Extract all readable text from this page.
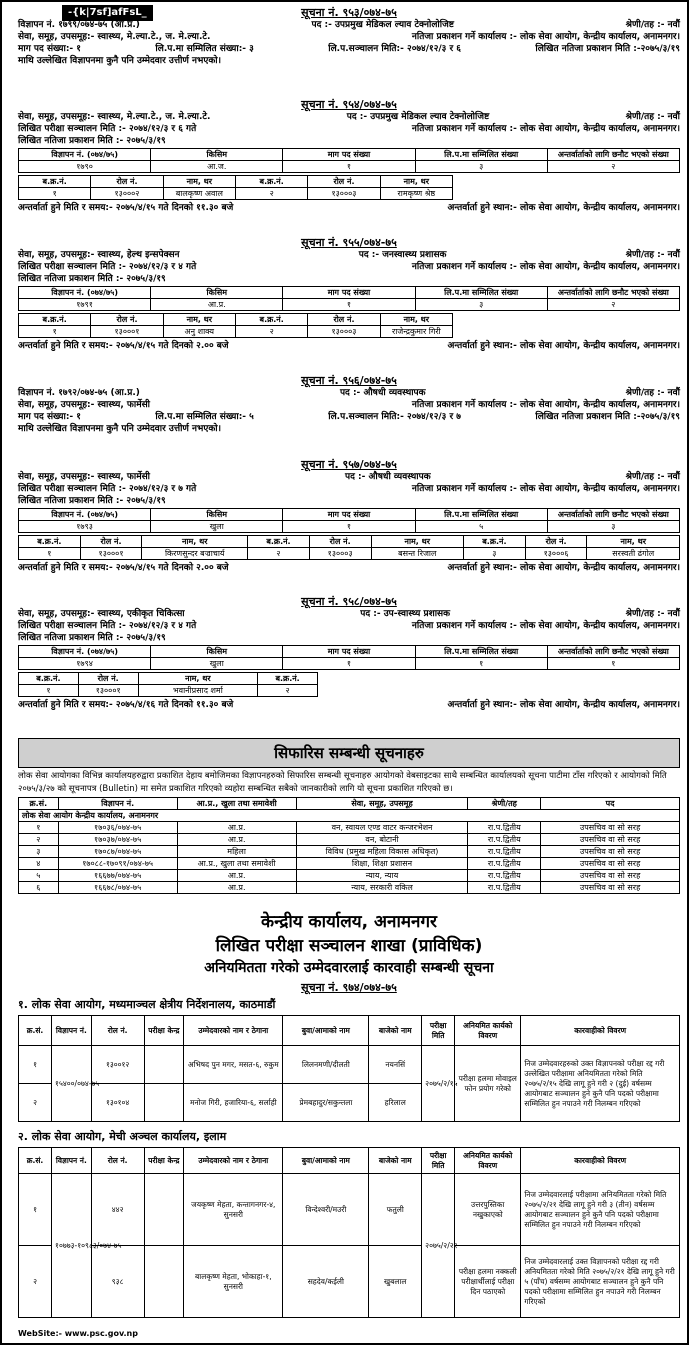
-{k|7sf]afFsL_	सूचना नं. ९५३/०७४-७५
विज्ञापन नं. १७९९/०७४-७५ (आ.प्र.)	पद :- उपप्रमुख मेडिकल ल्याव टेक्नोलोजिष्ट	श्रेणी/तह :- नवौं
सेवा, समूह, उपसमूह:- स्वास्थ्य, मे.ल्या.टे., ज. मे.ल्या.टे.	नतिजा प्रकाशन गर्ने कार्यालय :- लोक सेवा आयोग, केन्द्रीय कार्यालय, अनामनगर।
माग पद संख्या:- १	लि.प.मा सम्मिलित संख्या:- ३	लि.प.सञ्चालन मिति:- २०७४/१२/३ र ६	लिखित नतिजा प्रकाशन मिति :-२०७५/३/१९
माथि उल्लेखित विज्ञापनमा कुनै पनि उम्मेदवार उत्तीर्ण नभएको।
सूचना नं. ९५४/०७४-७५
सेवा, समूह, उपसमूह:- स्वास्थ्य, मे.ल्या.टे., ज. मे.ल्या.टे.	पद :- उपप्रमुख मेडिकल ल्याव टेक्नोलोजिष्ट	श्रेणी/तह :- नवौं
लिखित परीक्षा सञ्चालन मिति :- २०७४/१२/३ र ६ गते	नतिजा प्रकाशन गर्ने कार्यालय :- लोक सेवा आयोग, केन्द्रीय कार्यालय, अनामनगर।
लिखित नतिजा प्रकाशन मिति :- २०७५/३/१९
विज्ञापन नं. (०७४/७५)	किसिम	माग पद संख्या	लि.प.मा सम्मिलित संख्या	अन्तर्वार्ताको लागि छनौट भएको संख्या
१७९०	आ.ज.	१	३	२
ब.क्र.नं.	रोल नं.	नाम, थर	ब.क्र.नं.	रोल नं.	नाम, थर
१	१३०००२	बालकृष्ण अवाल	२	१३०००३	रामकृष्ण श्रेष्ठ
अन्तर्वार्ता हुने मिति र समय:- २०७५/४/१५ गते दिनको ११.३० बजे	अन्तर्वार्ता हुने स्थान:- लोक सेवा आयोग, केन्द्रीय कार्यालय, अनामनगर।
सूचना नं. ९५५/०७४-७५
सेवा, समूह, उपसमूह:- स्वास्थ्य, हेल्थ इन्सपेक्सन	पद :- जनस्वास्थ्य प्रशासक	श्रेणी/तह :- नवौं
लिखित परीक्षा सञ्चालन मिति :- २०७४/१२/३ र ४ गते	नतिजा प्रकाशन गर्ने कार्यालय :- लोक सेवा आयोग, केन्द्रीय कार्यालय, अनामनगर।
लिखित नतिजा प्रकाशन मिति :- २०७५/३/१९
विज्ञापन नं. (०७४/७५)	किसिम	माग पद संख्या	लि.प.मा सम्मिलित संख्या	अन्तर्वार्ताको लागि छनौट भएको संख्या
१७९१	आ.प्र.	१	३	२
ब.क्र.नं.	रोल नं.	नाम, थर	ब.क्र.नं.	रोल नं.	नाम, थर
१	१३०००१	अनु शाक्य	२	१३०००३	राजेन्द्रकुमार गिरी
अन्तर्वार्ता हुने मिति र समय:- २०७५/४/१५ गते दिनको २.०० बजे	अन्तर्वार्ता हुने स्थान:- लोक सेवा आयोग, केन्द्रीय कार्यालय, अनामनगर।
सूचना नं. ९५६/०७४-७५
विज्ञापन नं. १७९२/०७४-७५ (आ.प्र.)	पद :- औषधी व्यवस्थापक	श्रेणी/तह :- नवौं
सेवा, समूह, उपसमूह:- स्वास्थ्य, फार्मेसी	नतिजा प्रकाशन गर्ने कार्यालय :- लोक सेवा आयोग, केन्द्रीय कार्यालय, अनामनगर।
माग पद संख्या:- १	लि.प.मा सम्मिलित संख्या:- ५	लि.प.सञ्चालन मिति:- २०७४/१२/३ र ७	लिखित नतिजा प्रकाशन मिति :-२०७५/३/१९
माथि उल्लेखित विज्ञापनमा कुनै पनि उम्मेदवार उत्तीर्ण नभएको।
सूचना नं. ९५७/०७४-७५
सेवा, समूह, उपसमूह:- स्वास्थ्य, फार्मेसी	पद :- औषधी व्यवस्थापक	श्रेणी/तह :- नवौं
लिखित परीक्षा सञ्चालन मिति :- २०७४/१२/३ र ७ गते	नतिजा प्रकाशन गर्ने कार्यालय :- लोक सेवा आयोग, केन्द्रीय कार्यालय, अनामनगर।
लिखित नतिजा प्रकाशन मिति :- २०७५/३/१९
विज्ञापन नं. (०७४/७५)	किसिम	माग पद संख्या	लि.प.मा सम्मिलित संख्या	अन्तर्वार्ताको लागि छनौट भएको संख्या
१७९३	खुला	१	५	३
ब.क्र.नं.	रोल नं.	नाम, थर	ब.क्र.नं.	रोल नं.	नाम, थर	ब.क्र.नं.	रोल नं.	नाम, थर
१	१३०००१	किरणसुन्दर बज्राचार्य	२	१३०००३	बसन्त रिजाल	३	१३०००६	सरस्वती ढंगोल
अन्तर्वार्ता हुने मिति र समय:- २०७५/४/१५ गते दिनको २.०० बजे	अन्तर्वार्ता हुने स्थान:- लोक सेवा आयोग, केन्द्रीय कार्यालय, अनामनगर।
सूचना नं. ९५८/०७४-७५
सेवा, समूह, उपसमूह:- स्वास्थ्य, एकीकृत चिकित्सा	पद :- उप-स्वास्थ्य प्रशासक	श्रेणी/तह :- नवौं
लिखित परीक्षा सञ्चालन मिति :- २०७४/१२/३ र ४ गते	नतिजा प्रकाशन गर्ने कार्यालय :- लोक सेवा आयोग, केन्द्रीय कार्यालय, अनामनगर।
लिखित नतिजा प्रकाशन मिति :- २०७५/३/१९
विज्ञापन नं. (०७४/७५)	किसिम	माग पद संख्या	लि.प.मा सम्मिलित संख्या	अन्तर्वार्ताको लागि छनौट भएको संख्या
१७९४	खुला	१	१	१
ब.क्र.नं.	रोल नं.	नाम, थर	ब.क्र.नं.
१	१३०००१	भवानीप्रसाद शर्मा	२
अन्तर्वार्ता हुने मिति र समय:- २०७५/४/१६ गते दिनको ११.३० बजे	अन्तर्वार्ता हुने स्थान:- लोक सेवा आयोग, केन्द्रीय कार्यालय, अनामनगर।
सिफारिस सम्बन्धी सूचनाहरु
लोक सेवा आयोगका विभिन्न कार्यालयहरुद्वारा प्रकाशित देहाय बमोजिमका विज्ञापनहरुको सिफारिस सम्बन्धी सूचनाहरु आयोगको वेबसाइटका साथै सम्बन्धित कार्यालयको सूचना पाटीमा टाँस गरिएको र आयोगको मिति २०७५/३/२७ को सूचनापत्र (Bulletin) मा समेत प्रकाशित गरिएको व्यहोरा सम्बन्धित सबैको जानकारीको लागि यो सूचना प्रकाशित गरिएको छ।
क्र.सं.	विज्ञापन नं.	आ.प्र., खुला तथा समावेशी	सेवा, समूह, उपसमूह	श्रेणी/तह	पद
लोक सेवा आयोग केन्द्रीय कार्यालय, अनामनगर					
१	१७०३६/०७४-७५	आ.प्र.	वन, स्वायल एण्ड वाटर कन्जरभेशन	रा.प.द्वितीय	उपसचिव वा सो सरह
२	१७०३७/०७४-७५	आ.प्र.	वन, बोटानी	रा.प.द्वितीय	उपसचिव वा सो सरह
३	१७०८७/०७४-७५	महिला	विविध (प्रमुख महिला विकास अधिकृत)	रा.प.द्वितीय	उपसचिव वा सो सरह
४	१७०८८-१७०९१/०७४-७५	आ.प्र., खुला तथा समावेशी	शिक्षा, शिक्षा प्रशासन	रा.प.द्वितीय	उपसचिव वा सो सरह
५	१६६७७/०७४-७५	आ.प्र.	न्याय, न्याय	रा.प.द्वितीय	उपसचिव वा सो सरह
६	१६६७८/०७४-७५	आ.प्र.	न्याय, सरकारी वकिल	रा.प.द्वितीय	उपसचिव वा सो सरह
केन्द्रीय कार्यालय, अनामनगर
लिखित परीक्षा सञ्चालन शाखा (प्राविधिक)
अनियमितता गरेको उम्मेदवारलाई कारवाही सम्बन्धी सूचना
सूचना नं. ९७४/०७४-७५
१. लोक सेवा आयोग, मध्यमाञ्चल क्षेत्रीय निर्देशनालय, काठमाडौं
क्र.सं.	विज्ञापन नं.	रोल नं.	परीक्षा केन्द्र	उम्मेदवारको नाम र ठेगाना	बुवा/आमाको नाम	बाजेको नाम	परीक्षा मिति	अनियमित कार्यको विवरण	कारवाहीको विवरण
१	१५४००/०७४-७५	१३००१२		अभिषद पुन मगर, मसत-६, रुकुम	लिलनमणी/दीलती	नयनसिं	२०७५/२/१५	परीक्षा हलमा मोवाइल फोन प्रयोग गरेको	निज उम्मेदवारहरुको उक्त विज्ञापनको परीक्षा रद्द गरी उल्लेखित परीक्षामा अनियमितता गरेको मिति २०७५/२/१५ देखि लागू हुने गरी २ (दुई) वर्षसम्म आयोगबाट सञ्चालन हुने कुनै पनि पदको परीक्षामा सम्मिलित हुन नपाउने गरी निलम्बन गरिएको
२		१३०१०४		मनोज गिरी, हजारिया-६, सर्लाही	प्रेमबहादुर/सकुन्तला	हरिलाल			
२. लोक सेवा आयोग, मेची अञ्चल कार्यालय, इलाम
क्र.सं.	विज्ञापन नं.	रोल नं.	परीक्षा केन्द्र	उम्मेदवारको नाम र ठेगाना	बुवा/आमाको नाम	बाजेको नाम	परीक्षा मिति	अनियमित कार्यको विवरण	कारवाहीको विवरण
१	१०७७३-१०९८३/०७४-७५	४४२		जयकृष्ण मेहता, कन्तागनगर-४, सुनसरी	विन्देश्वरी/मउरी	फतुली	२०७५/२/२१	उत्तरपुस्तिका नखुकाएको	निज उम्मेदवारलाई परीक्षामा अनियमितता गरेको मिति २०७५/२/२१ देखि लागू हुने गरी ३ (तीन) वर्षसम्म आयोगबाट सञ्चालन हुने कुनै पनि पदको परीक्षामा सम्मिलित हुन नपाउने गरी निलम्बन गरिएको
२		९३८		बालकृष्ण मेहता, भोकाहा-१, सुनसरी	सहदेव/कईली	खुबलाल		परीक्षा हलमा नक्कली परीक्षार्थीलाई परीक्षा दिन पठाएको	निज उम्मेदवारलाई उक्त विज्ञापनको परीक्षा रद्द गरी अनियमितता गरेको मिति २०७५/२/२१ देखि लागू हुने गरी ५ (पाँच) वर्षसम्म आयोगबाट सञ्चालन हुने कुनै पनि पदको परीक्षामा सम्मिलित हुन नपाउने गरी निलम्बन गरिएको
WebSite:- www.psc.gov.np
